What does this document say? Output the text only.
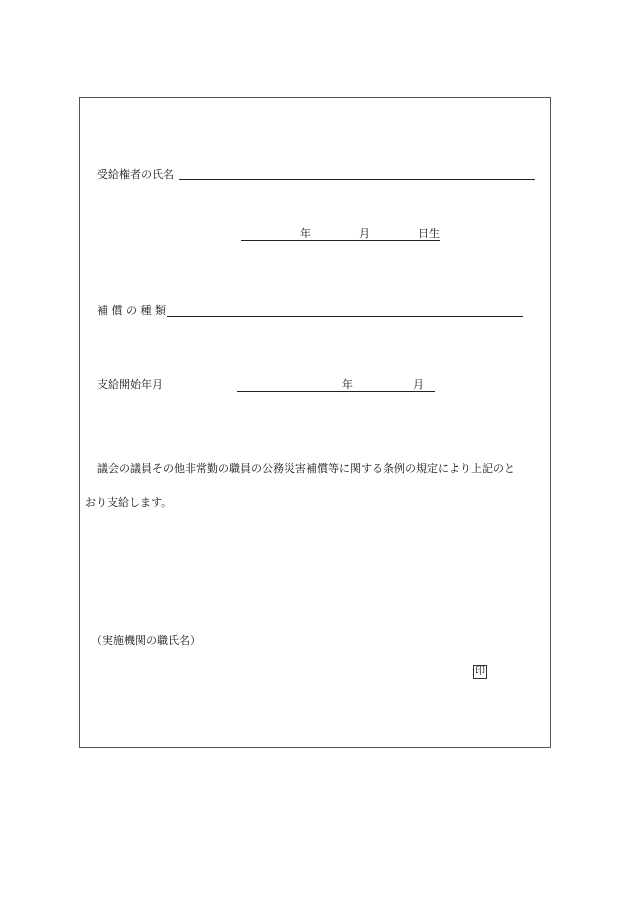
受給権者の氏名
年	月	日生
補 償 の 種 類
支給開始年月	年	月
議会の議員その他非常勤の職員の公務災害補償等に関する条例の規定により上記のと
おり支給します。
（実施機関の職氏名）
印
